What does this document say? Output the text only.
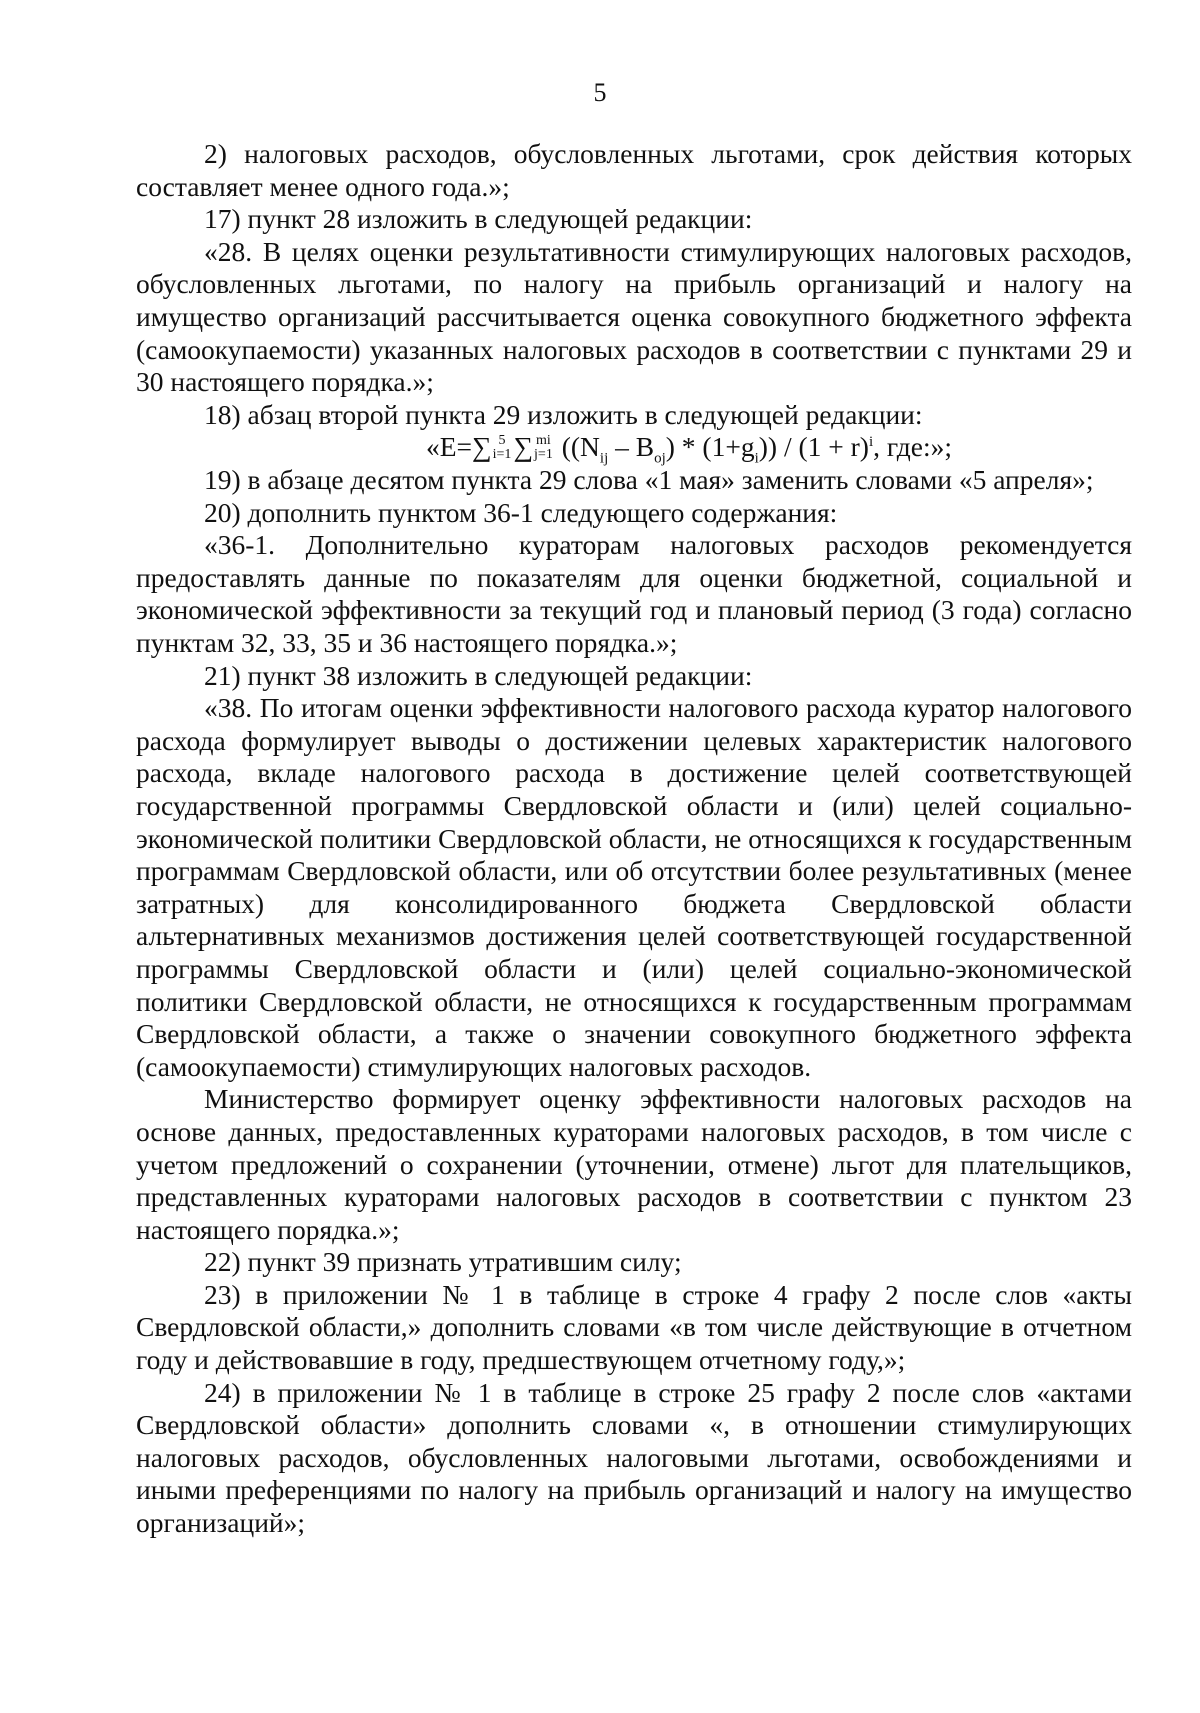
5

2) налоговых расходов, обусловленных льготами, срок действия которых составляет менее одного года.»;

17) пункт 28 изложить в следующей редакции:

«28. В целях оценки результативности стимулирующих налоговых расходов, обусловленных льготами, по налогу на прибыль организаций и налогу на имущество организаций рассчитывается оценка совокупного бюджетного эффекта (самоокупаемости) указанных налоговых расходов в соответствии с пунктами 29 и 30 настоящего порядка.»;

18) абзац второй пункта 29 изложить в следующей редакции:

«E=∑ 5
i=1 ∑ mi
j=1 $((N_{ij} - B_{oj}) * (1+g_i)) / (1 + r)^i$, где:»;

19) в абзаце десятом пункта 29 слова «1 мая» заменить словами «5 апреля»;

20) дополнить пунктом 36-1 следующего содержания:

«36-1. Дополнительно кураторам налоговых расходов рекомендуется предоставлять данные по показателям для оценки бюджетной, социальной и экономической эффективности за текущий год и плановый период (3 года) согласно пунктам 32, 33, 35 и 36 настоящего порядка.»;

21) пункт 38 изложить в следующей редакции:

«38. По итогам оценки эффективности налогового расхода куратор налогового расхода формулирует выводы о достижении целевых характеристик налогового расхода, вкладе налогового расхода в достижение целей соответствующей государственной программы Свердловской области и (или) целей социально-экономической политики Свердловской области, не относящихся к государственным программам Свердловской области, или об отсутствии более результативных (менее затратных) для консолидированного бюджета Свердловской области альтернативных механизмов достижения целей соответствующей государственной программы Свердловской области и (или) целей социально-экономической политики Свердловской области, не относящихся к государственным программам Свердловской области, а также о значении совокупного бюджетного эффекта (самоокупаемости) стимулирующих налоговых расходов.

Министерство формирует оценку эффективности налоговых расходов на основе данных, предоставленных кураторами налоговых расходов, в том числе с учетом предложений о сохранении (уточнении, отмене) льгот для плательщиков, представленных кураторами налоговых расходов в соответствии с пунктом 23 настоящего порядка.»;

22) пункт 39 признать утратившим силу;

23) в приложении № 1 в таблице в строке 4 графу 2 после слов «акты Свердловской области,» дополнить словами «в том числе действующие в отчетном году и действовавшие в году, предшествующем отчетному году,»;

24) в приложении № 1 в таблице в строке 25 графу 2 после слов «актами Свердловской области» дополнить словами «, в отношении стимулирующих налоговых расходов, обусловленных налоговыми льготами, освобождениями и иными преференциями по налогу на прибыль организаций и налогу на имущество организаций»;
